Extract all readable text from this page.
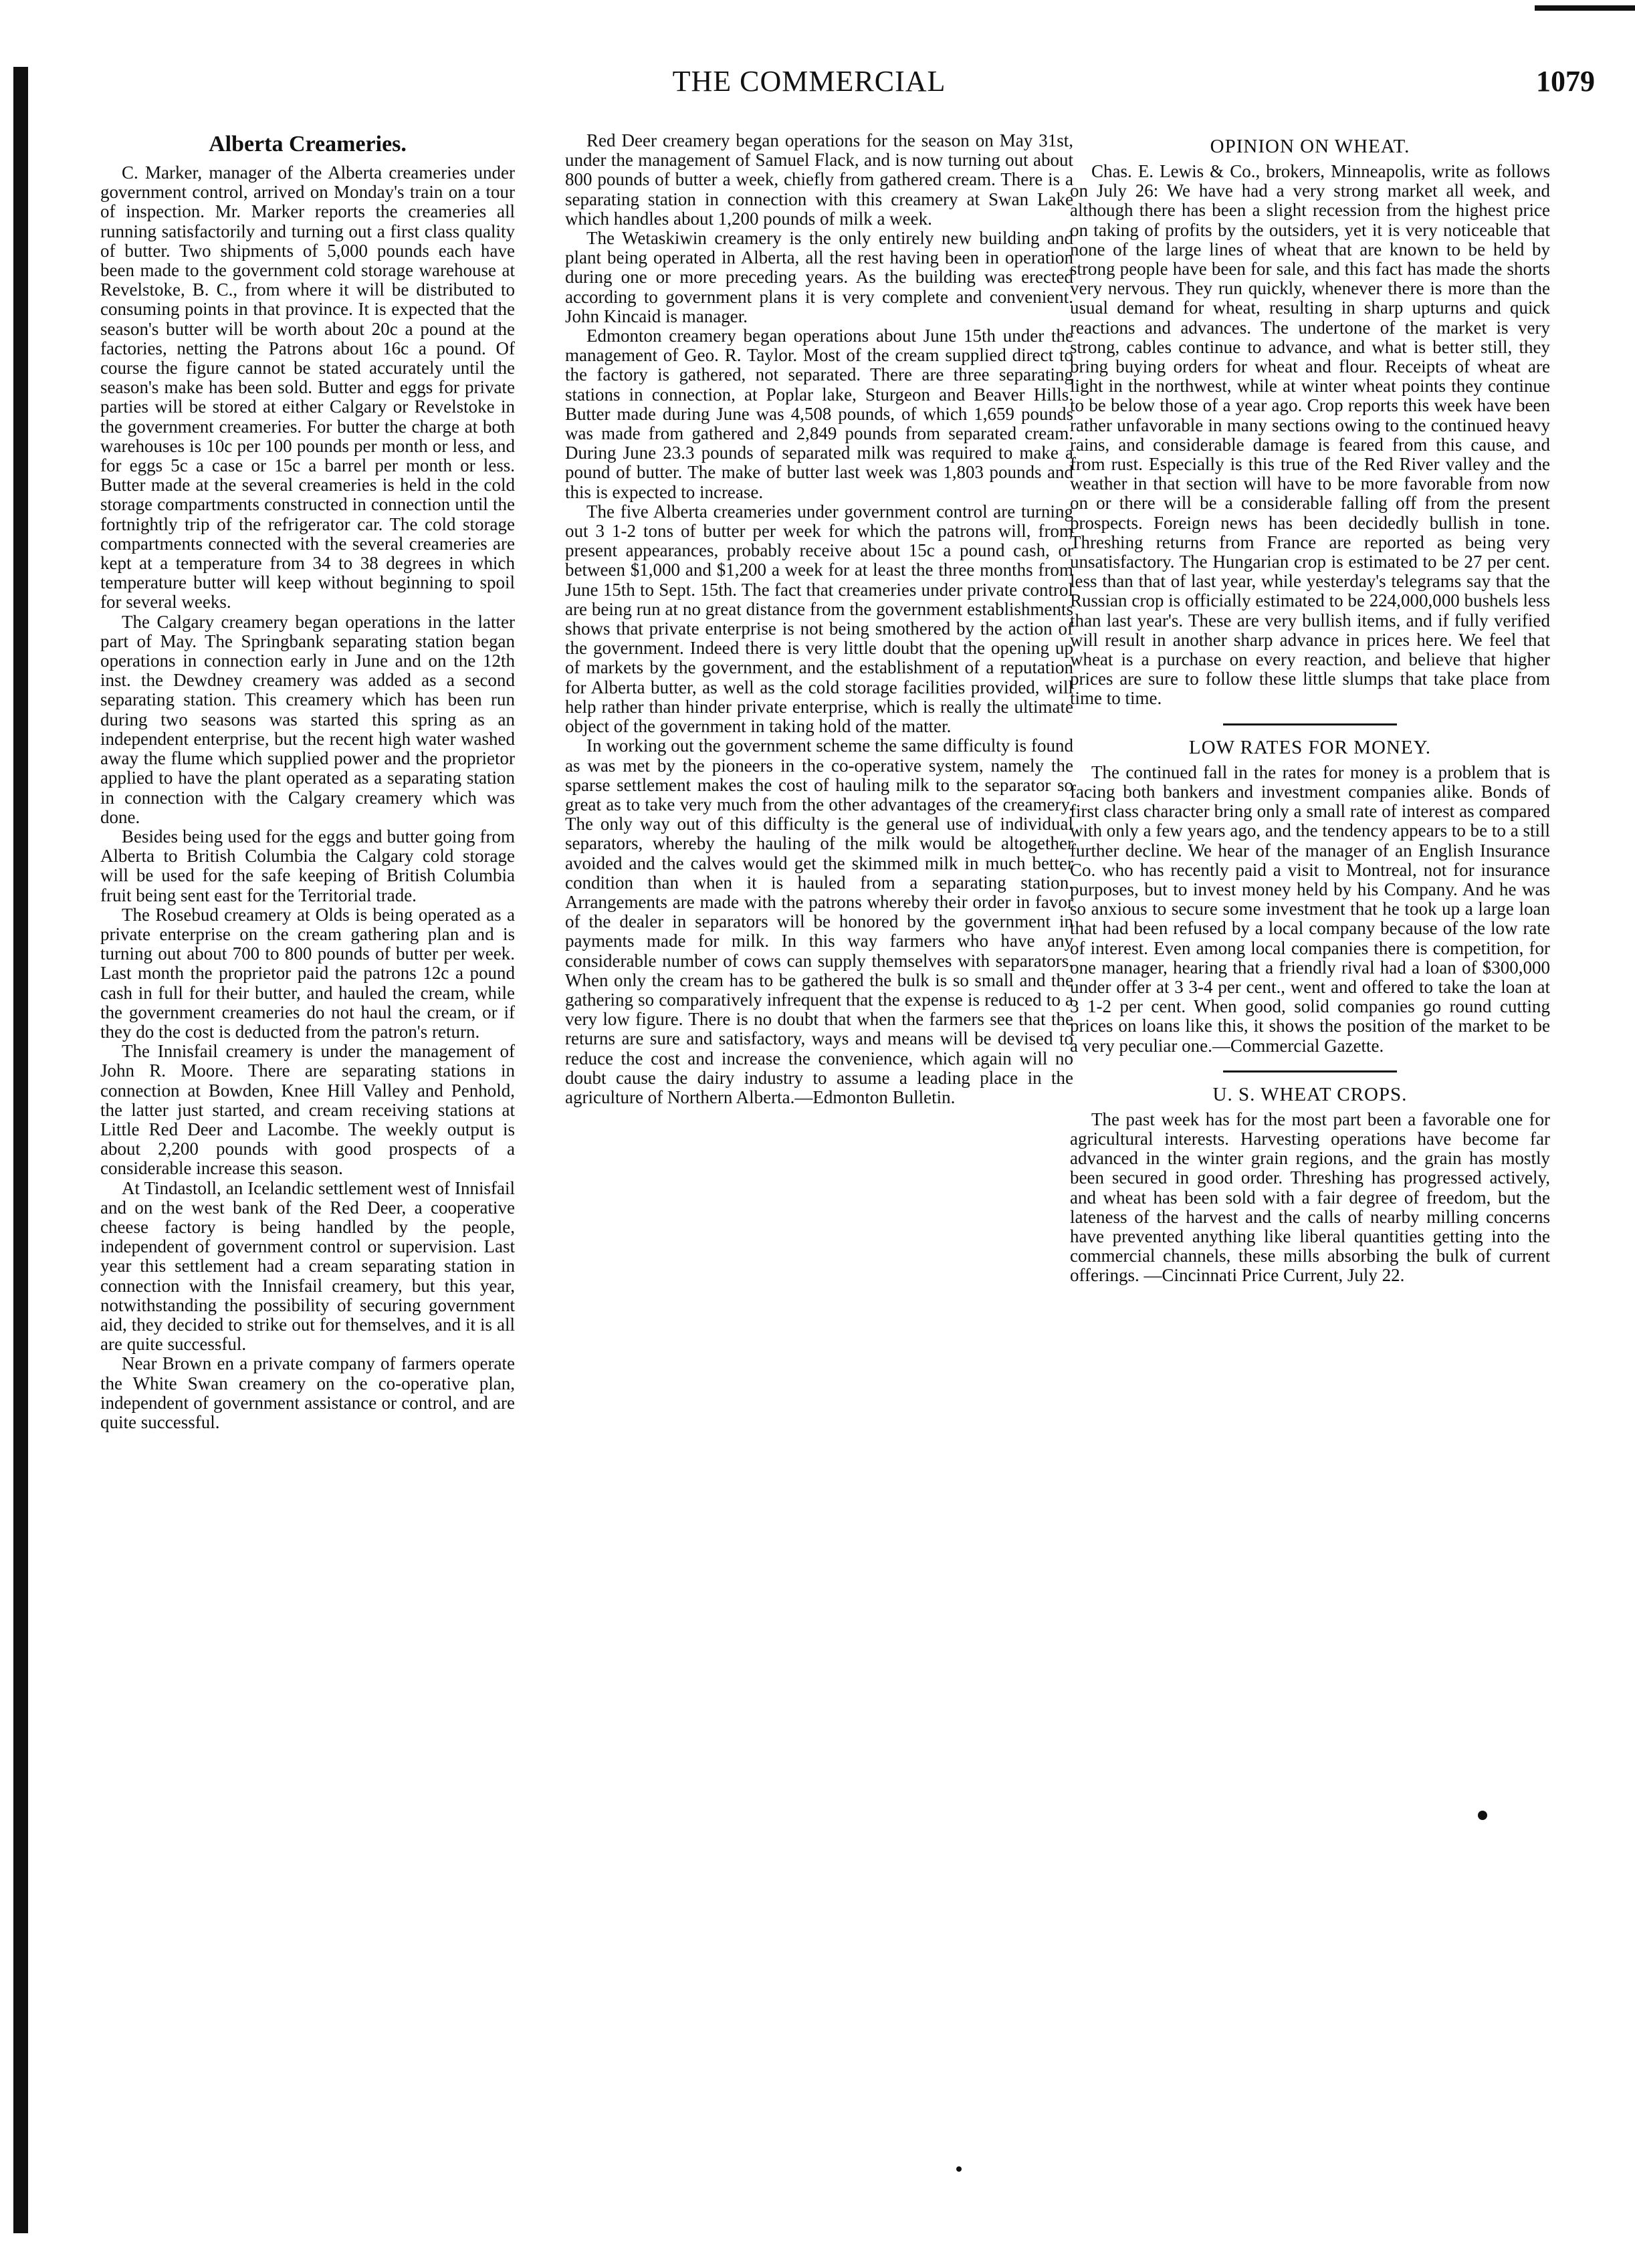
THE COMMERCIAL	1079
Alberta Creameries.

C. Marker, manager of the Alberta creameries under government control, arrived on Monday's train on a tour of inspection. Mr. Marker reports the creameries all running satisfactorily and turning out a first class quality of butter. Two shipments of 5,000 pounds each have been made to the government cold storage warehouse at Revelstoke, B. C., from where it will be distributed to consuming points in that province. It is expected that the season's butter will be worth about 20c a pound at the factories, netting the Patrons about 16c a pound. Of course the figure cannot be stated accurately until the season's make has been sold. Butter and eggs for private parties will be stored at either Calgary or Revelstoke in the government creameries. For butter the charge at both warehouses is 10c per 100 pounds per month or less, and for eggs 5c a case or 15c a barrel per month or less. Butter made at the several creameries is held in the cold storage compartments constructed in connection until the fortnightly trip of the refrigerator car. The cold storage compartments connected with the several creameries are kept at a temperature from 34 to 38 degrees in which temperature butter will keep without beginning to spoil for several weeks.

The Calgary creamery began operations in the latter part of May. The Springbank separating station began operations in connection early in June and on the 12th inst. the Dewdney creamery was added as a second separating station. This creamery which has been run during two seasons was started this spring as an independent enterprise, but the recent high water washed away the flume which supplied power and the proprietor applied to have the plant operated as a separating station in connection with the Calgary creamery which was done.

Besides being used for the eggs and butter going from Alberta to British Columbia the Calgary cold storage will be used for the safe keeping of British Columbia fruit being sent east for the Territorial trade.

The Rosebud creamery at Olds is being operated as a private enterprise on the cream gathering plan and is turning out about 700 to 800 pounds of butter per week. Last month the proprietor paid the patrons 12c a pound cash in full for their butter, and hauled the cream, while the government creameries do not haul the cream, or if they do the cost is deducted from the patron's return.

The Innisfail creamery is under the management of John R. Moore. There are separating stations in connection at Bowden, Knee Hill Valley and Penhold, the latter just started, and cream receiving stations at Little Red Deer and Lacombe. The weekly output is about 2,200 pounds with good prospects of a considerable increase this season.

At Tindastoll, an Icelandic settlement west of Innisfail and on the west bank of the Red Deer, a cooperative cheese factory is being handled by the people, independent of government control or supervision. Last year this settlement had a cream separating station in connection with the Innisfail creamery, but this year, notwithstanding the possibility of securing government aid, they decided to strike out for themselves, and it is all are quite successful.

Near Brown en a private company of farmers operate the White Swan creamery on the co-operative plan, independent of government assistance or control, and are quite successful.

Red Deer creamery began operations for the season on May 31st, under the management of Samuel Flack, and is now turning out about 800 pounds of butter a week, chiefly from gathered cream. There is a separating station in connection with this creamery at Swan Lake which handles about 1,200 pounds of milk a week.

The Wetaskiwin creamery is the only entirely new building and plant being operated in Alberta, all the rest having been in operation during one or more preceding years. As the building was erected according to government plans it is very complete and convenient. John Kincaid is manager.

Edmonton creamery began operations about June 15th under the management of Geo. R. Taylor. Most of the cream supplied direct to the factory is gathered, not separated. There are three separating stations in connection, at Poplar lake, Sturgeon and Beaver Hills. Butter made during June was 4,508 pounds, of which 1,659 pounds was made from gathered and 2,849 pounds from separated cream. During June 23.3 pounds of separated milk was required to make a pound of butter. The make of butter last week was 1,803 pounds and this is expected to increase.

The five Alberta creameries under government control are turning out 3 1-2 tons of butter per week for which the patrons will, from present appearances, probably receive about 15c a pound cash, or between $1,000 and $1,200 a week for at least the three months from June 15th to Sept. 15th. The fact that creameries under private control are being run at no great distance from the government establishments shows that private enterprise is not being smothered by the action of the government. Indeed there is very little doubt that the opening up of markets by the government, and the establishment of a reputation for Alberta butter, as well as the cold storage facilities provided, will help rather than hinder private enterprise, which is really the ultimate object of the government in taking hold of the matter.

In working out the government scheme the same difficulty is found as was met by the pioneers in the co-operative system, namely the sparse settlement makes the cost of hauling milk to the separator so great as to take very much from the other advantages of the creamery. The only way out of this difficulty is the general use of individual separators, whereby the hauling of the milk would be altogether avoided and the calves would get the skimmed milk in much better condition than when it is hauled from a separating station. Arrangements are made with the patrons whereby their order in favor of the dealer in separators will be honored by the government in payments made for milk. In this way farmers who have any considerable number of cows can supply themselves with separators. When only the cream has to be gathered the bulk is so small and the gathering so comparatively infrequent that the expense is reduced to a very low figure. There is no doubt that when the farmers see that the returns are sure and satisfactory, ways and means will be devised to reduce the cost and increase the convenience, which again will no doubt cause the dairy industry to assume a leading place in the agriculture of Northern Alberta.—Edmonton Bulletin.

OPINION ON WHEAT.

Chas. E. Lewis & Co., brokers, Minneapolis, write as follows on July 26: We have had a very strong market all week, and although there has been a slight recession from the highest price on taking of profits by the outsiders, yet it is very noticeable that none of the large lines of wheat that are known to be held by strong people have been for sale, and this fact has made the shorts very nervous. They run quickly, whenever there is more than the usual demand for wheat, resulting in sharp upturns and quick reactions and advances. The undertone of the market is very strong, cables continue to advance, and what is better still, they bring buying orders for wheat and flour. Receipts of wheat are light in the northwest, while at winter wheat points they continue to be below those of a year ago. Crop reports this week have been rather unfavorable in many sections owing to the continued heavy rains, and considerable damage is feared from this cause, and from rust. Especially is this true of the Red River valley and the weather in that section will have to be more favorable from now on or there will be a considerable falling off from the present prospects. Foreign news has been decidedly bullish in tone. Threshing returns from France are reported as being very unsatisfactory. The Hungarian crop is estimated to be 27 per cent. less than that of last year, while yesterday's telegrams say that the Russian crop is officially estimated to be 224,000,000 bushels less than last year's. These are very bullish items, and if fully verified will result in another sharp advance in prices here. We feel that wheat is a purchase on every reaction, and believe that higher prices are sure to follow these little slumps that take place from time to time.

LOW RATES FOR MONEY.

The continued fall in the rates for money is a problem that is facing both bankers and investment companies alike. Bonds of first class character bring only a small rate of interest as compared with only a few years ago, and the tendency appears to be to a still further decline. We hear of the manager of an English Insurance Co. who has recently paid a visit to Montreal, not for insurance purposes, but to invest money held by his Company. And he was so anxious to secure some investment that he took up a large loan that had been refused by a local company because of the low rate of interest. Even among local companies there is competition, for one manager, hearing that a friendly rival had a loan of $300,000 under offer at 3 3-4 per cent., went and offered to take the loan at 3 1-2 per cent. When good, solid companies go round cutting prices on loans like this, it shows the position of the market to be a very peculiar one.—Commercial Gazette.

U. S. WHEAT CROPS.

The past week has for the most part been a favorable one for agricultural interests. Harvesting operations have become far advanced in the winter grain regions, and the grain has mostly been secured in good order. Threshing has progressed actively, and wheat has been sold with a fair degree of freedom, but the lateness of the harvest and the calls of nearby milling concerns have prevented anything like liberal quantities getting into the commercial channels, these mills absorbing the bulk of current offerings. —Cincinnati Price Current, July 22.
